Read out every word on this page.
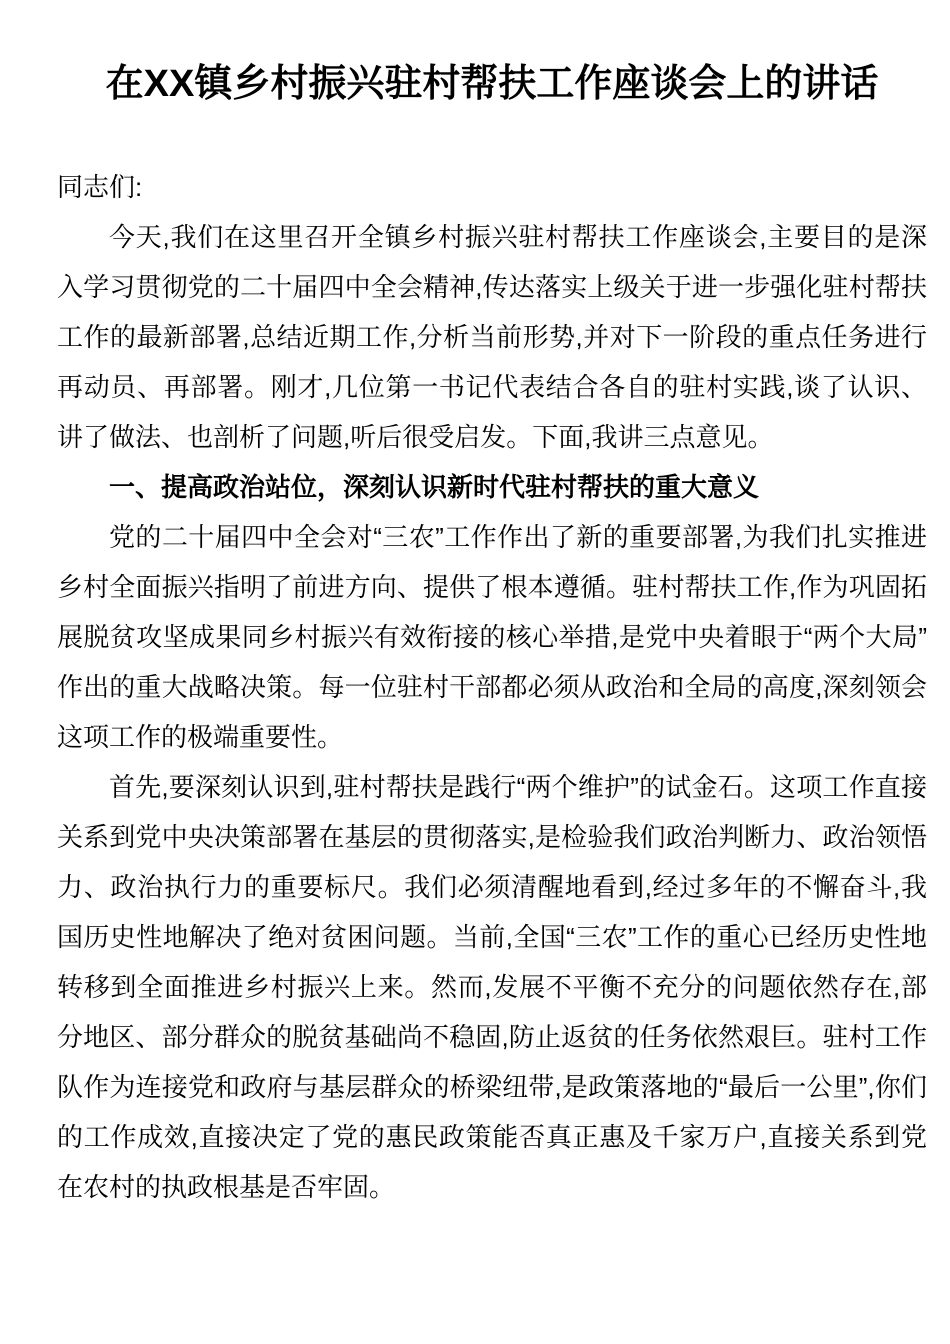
在XX镇乡村振兴驻村帮扶工作座谈会上的讲话

同志们:

今天,我们在这里召开全镇乡村振兴驻村帮扶工作座谈会,主要目的是深入学习贯彻党的二十届四中全会精神,传达落实上级关于进一步强化驻村帮扶工作的最新部署,总结近期工作,分析当前形势,并对下一阶段的重点任务进行再动员、再部署。刚才,几位第一书记代表结合各自的驻村实践,谈了认识、讲了做法、也剖析了问题,听后很受启发。下面,我讲三点意见。

一、提高政治站位，深刻认识新时代驻村帮扶的重大意义

党的二十届四中全会对“三农”工作作出了新的重要部署,为我们扎实推进乡村全面振兴指明了前进方向、提供了根本遵循。驻村帮扶工作,作为巩固拓展脱贫攻坚成果同乡村振兴有效衔接的核心举措,是党中央着眼于“两个大局”作出的重大战略决策。每一位驻村干部都必须从政治和全局的高度,深刻领会这项工作的极端重要性。

首先,要深刻认识到,驻村帮扶是践行“两个维护”的试金石。这项工作直接关系到党中央决策部署在基层的贯彻落实,是检验我们政治判断力、政治领悟力、政治执行力的重要标尺。我们必须清醒地看到,经过多年的不懈奋斗,我国历史性地解决了绝对贫困问题。当前,全国“三农”工作的重心已经历史性地转移到全面推进乡村振兴上来。然而,发展不平衡不充分的问题依然存在,部分地区、部分群众的脱贫基础尚不稳固,防止返贫的任务依然艰巨。驻村工作队作为连接党和政府与基层群众的桥梁纽带,是政策落地的“最后一公里”,你们的工作成效,直接决定了党的惠民政策能否真正惠及千家万户,直接关系到党在农村的执政根基是否牢固。
